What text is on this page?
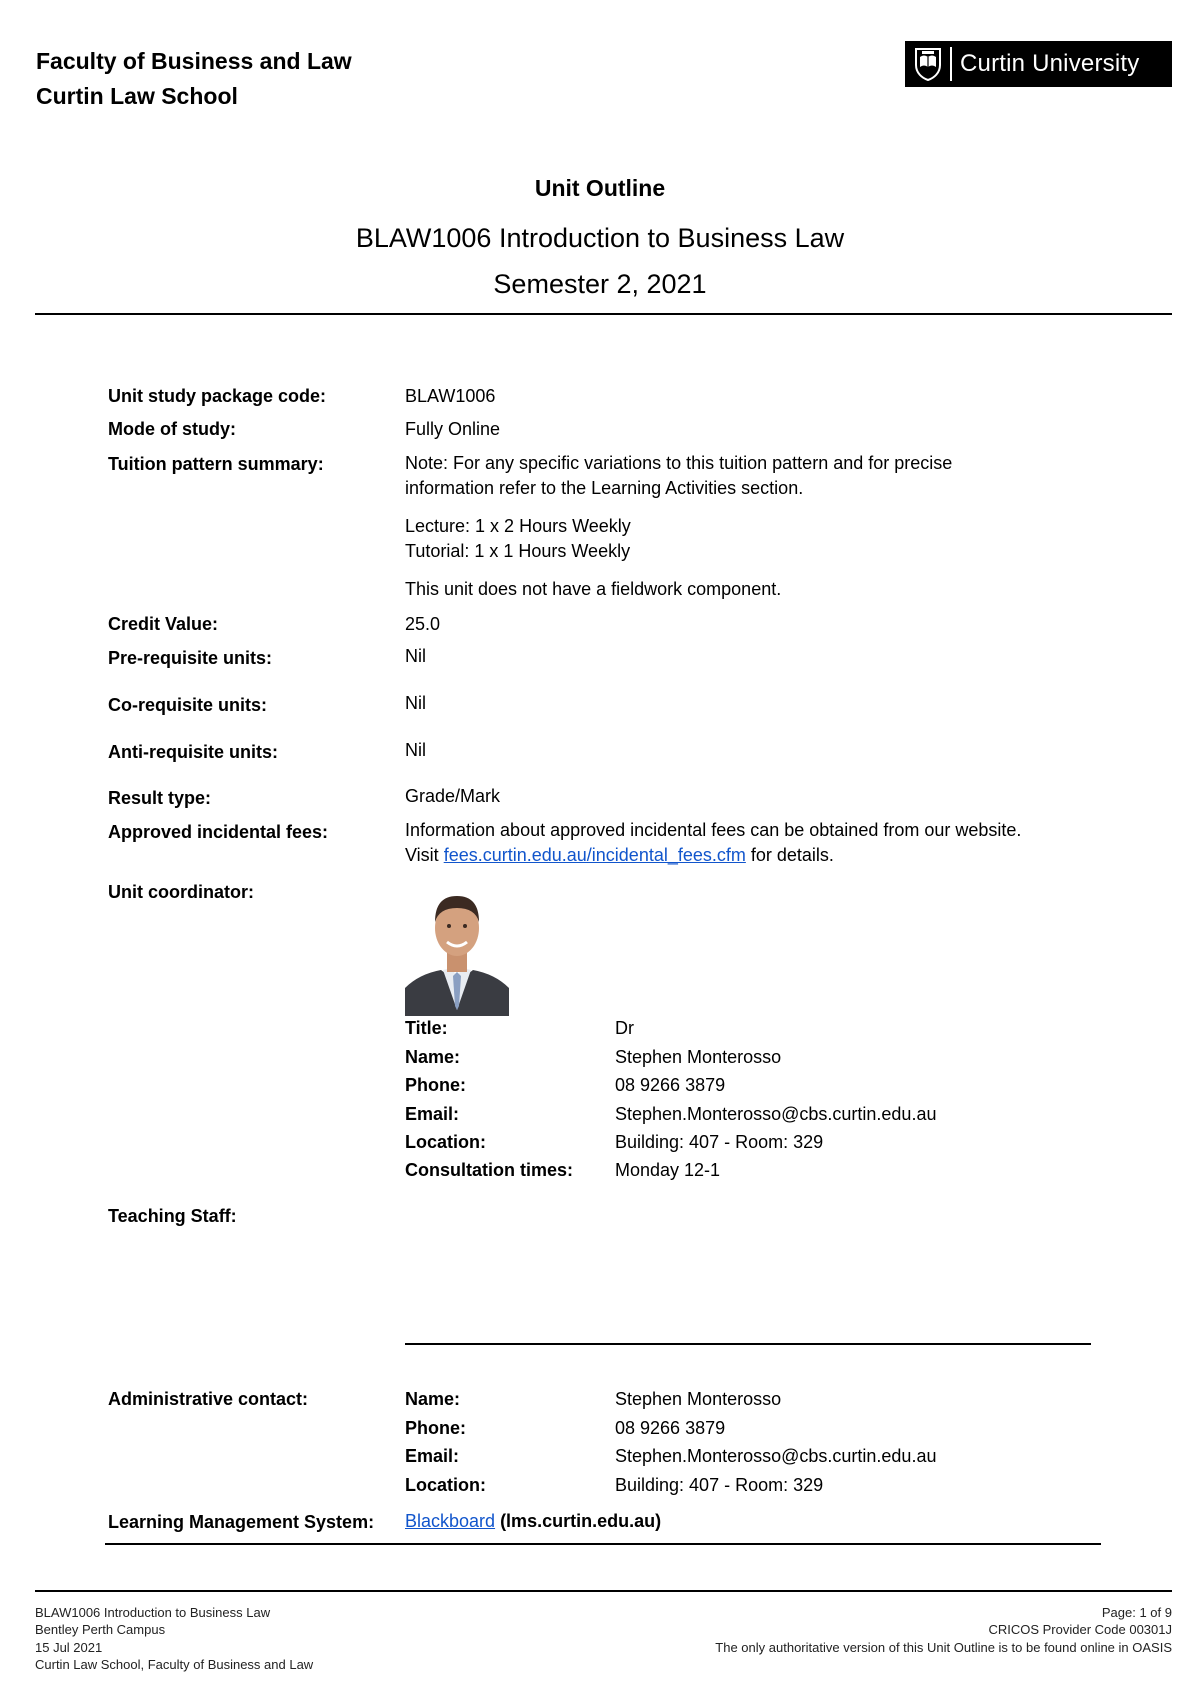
Faculty of Business and Law
Curtin Law School
Curtin University
Unit Outline
BLAW1006 Introduction to Business Law
Semester 2, 2021
Unit study package code:	BLAW1006
Mode of study:	Fully Online
Tuition pattern summary:	Note: For any specific variations to this tuition pattern and for precise
information refer to the Learning Activities section.
Lecture: 1 x 2 Hours Weekly
Tutorial: 1 x 1 Hours Weekly
This unit does not have a fieldwork component.
Credit Value:	25.0
Pre-requisite units:	Nil
Co-requisite units:	Nil
Anti-requisite units:	Nil
Result type:	Grade/Mark
Approved incidental fees:	Information about approved incidental fees can be obtained from our website.
Visit fees.curtin.edu.au/incidental_fees.cfm for details.
Unit coordinator:
Title:	Dr
Name:	Stephen Monterosso
Phone:	08 9266 3879
Email:	Stephen.Monterosso@cbs.curtin.edu.au
Location:	Building: 407 - Room: 329
Consultation times: Monday 12-1
Teaching Staff:
Administrative contact:	Name:	Stephen Monterosso
Phone:	08 9266 3879
Email:	Stephen.Monterosso@cbs.curtin.edu.au
Location:	Building: 407 - Room: 329
Learning Management System: Blackboard (lms.curtin.edu.au)
BLAW1006 Introduction to Business Law
Bentley Perth Campus
15 Jul 2021
Curtin Law School, Faculty of Business and Law
Page: 1 of 9
CRICOS Provider Code 00301J
The only authoritative version of this Unit Outline is to be found online in OASIS
